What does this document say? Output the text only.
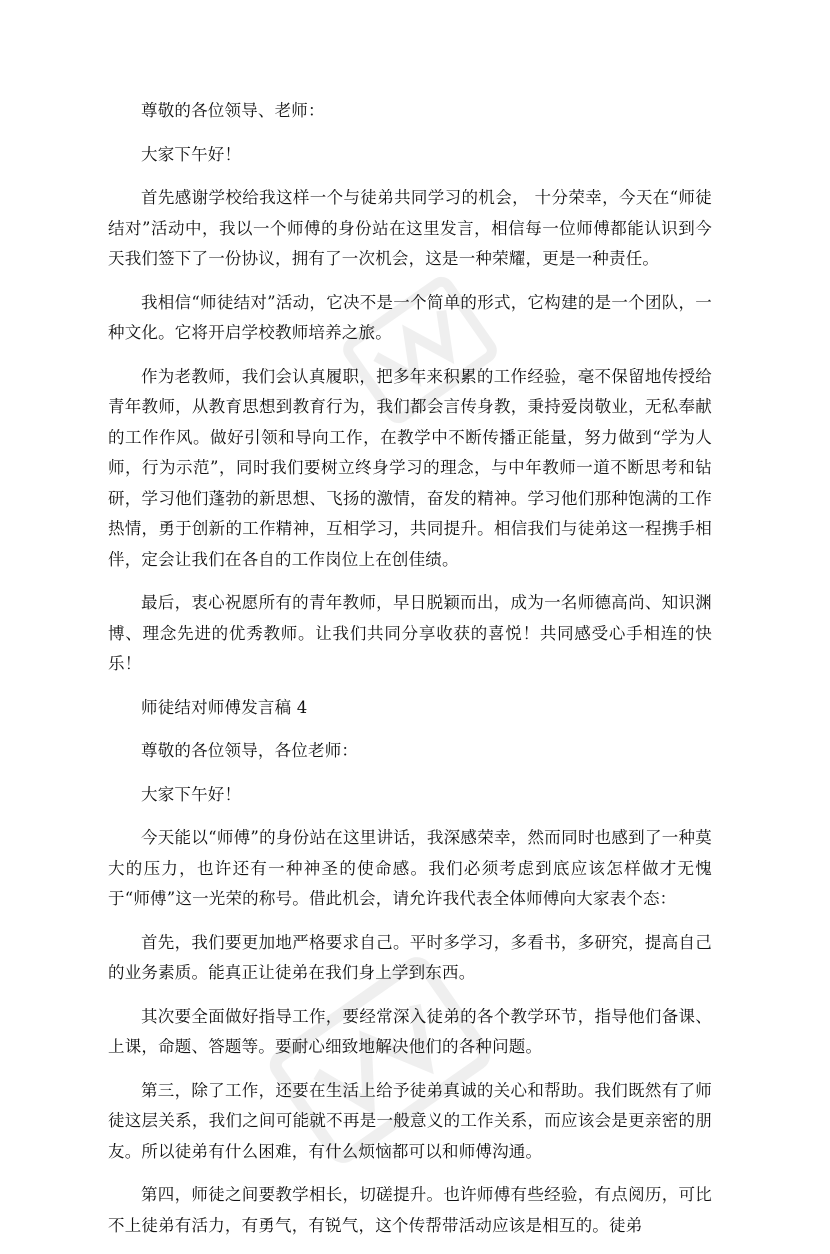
尊敬的各位领导、老师：

大家下午好！

首先感谢学校给我这样一个与徒弟共同学习的机会， 十分荣幸，今天在“师徒结对”活动中，我以一个师傅的身份站在这里发言，相信每一位师傅都能认识到今天我们签下了一份协议，拥有了一次机会，这是一种荣耀，更是一种责任。

我相信“师徒结对”活动，它决不是一个简单的形式，它构建的是一个团队，一种文化。它将开启学校教师培养之旅。

作为老教师，我们会认真履职，把多年来积累的工作经验，毫不保留地传授给青年教师，从教育思想到教育行为，我们都会言传身教，秉持爱岗敬业，无私奉献的工作作风。做好引领和导向工作，在教学中不断传播正能量，努力做到“学为人师，行为示范”，同时我们要树立终身学习的理念，与中年教师一道不断思考和钻研，学习他们蓬勃的新思想、飞扬的激情，奋发的精神。学习他们那种饱满的工作热情，勇于创新的工作精神，互相学习，共同提升。相信我们与徒弟这一程携手相伴，定会让我们在各自的工作岗位上在创佳绩。

最后，衷心祝愿所有的青年教师，早日脱颖而出，成为一名师德高尚、知识渊博、理念先进的优秀教师。让我们共同分享收获的喜悦！共同感受心手相连的快乐！

师徒结对师傅发言稿 4

尊敬的各位领导，各位老师：

大家下午好！

今天能以“师傅”的身份站在这里讲话，我深感荣幸，然而同时也感到了一种莫大的压力，也许还有一种神圣的使命感。我们必须考虑到底应该怎样做才无愧于“师傅”这一光荣的称号。借此机会，请允许我代表全体师傅向大家表个态：

首先，我们要更加地严格要求自己。平时多学习，多看书，多研究，提高自己的业务素质。能真正让徒弟在我们身上学到东西。

其次要全面做好指导工作，要经常深入徒弟的各个教学环节，指导他们备课、上课，命题、答题等。要耐心细致地解决他们的各种问题。

第三，除了工作，还要在生活上给予徒弟真诚的关心和帮助。我们既然有了师徒这层关系，我们之间可能就不再是一般意义的工作关系，而应该会是更亲密的朋友。所以徒弟有什么困难，有什么烦恼都可以和师傅沟通。

第四，师徒之间要教学相长，切磋提升。也许师傅有些经验，有点阅历，可比不上徒弟有活力，有勇气，有锐气，这个传帮带活动应该是相互的。徒弟
